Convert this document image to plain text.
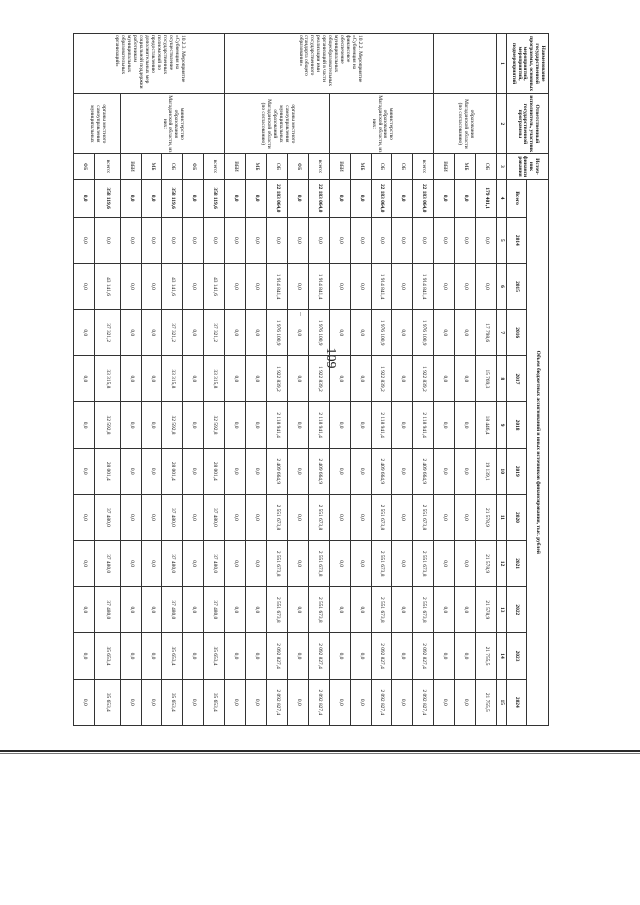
109
Наименование государственной программы, основных мероприятий, мероприятий, подмероприятий	Ответственный исполнитель, участник государственной программы	Источ- ник финанси рования	Объем бюджетных ассигнований и иных источников финансирования, тыс. рублей											
			Всего	2014	2015	2016	2017	2018	2019	2020	2021	2022	2023	2024
1	2	3	4	5	6	7	8	9	10	11	12	13	14	15
	образования Магаданской области (по согласованию)	ОБ	179 401,1	0,0	0,0	17 798,6	15 769,3	18 446,4	19 139,1	21 578,9	21 578,9	21 578,9	21 755,5	21 755,5
		МБ	0,0	0,0	0,0	0,0	0,0	0,0	0,0	0,0	0,0	0,0	0,0	0,0
		ВБИ	0,0	0,0	0,0	0,0	0,0	0,0	0,0	0,0	0,0	0,0	0,0	0,0
10.2.2. Мероприятие «Субвенция на финансовое обеспечение муниципальных общеобразовательных организаций в части реализации ими государственного стандарта общего образования»	министерство образования Магаданской области, из них:	всего:	22 183 064,0	0,0	1 914 841,4	1 976 100,9	1 922 839,2	2 118 941,4	2 409 664,9	2 551 673,8	2 551 673,8	2 551 673,8	2 092 827,4	2 092 827,4
		ОБ	0,0	0,0	0,0	0,0	0,0	0,0	0,0	0,0	0,0	0,0	0,0	0,0
		ОБ	22 183 064,0	0,0	1 914 841,4	1 976 100,9	1 922 839,2	2 118 941,4	2 409 664,9	2 551 673,8	2 551 673,8	2 551 673,8	2 092 827,4	2 092 827,4
		МБ	0,0	0,0	0,0	0,0	0,0	0,0	0,0	0,0	0,0	0,0	0,0	0,0
		ВБИ	0,0	0,0	0,0	0,0	0,0	0,0	0,0	0,0	0,0	0,0	0,0	0,0
	органы местного самоуправления муниципальных образований Магаданской области (по согласованию)	всего:	22 183 064,0	0,0	1 914 841,4	1 976 100,9	1 922 839,2	2 118 941,4	2 409 664,9	2 551 673,8	2 551 673,8	2 551 673,8	2 092 827,4	2 092 827,4
		ФБ	0,0	0,0	0,0	0,0	0,0	0,0	0,0	0,0	0,0	0,0	0,0	0,0
		ОБ	22 183 064,0	0,0	1 914 841,4	1 976 100,9	1 922 839,2	2 118 941,4	2 409 664,9	2 551 673,8	2 551 673,8	2 551 673,8	2 092 827,4	2 092 827,4
		МБ	0,0	0,0	0,0	0,0	0,0	0,0	0,0	0,0	0,0	0,0	0,0	0,0
		ВБИ	0,0	0,0	0,0	0,0	0,0	0,0	0,0	0,0	0,0	0,0	0,0	0,0
10.2.3. Мероприятие «Субвенция на осуществление государственных полномочий по предоставлению дополнительных мер социальной поддержки работникам муниципальных образовательных организаций»	министерство образования Магаданской области, из них:	всего:	358 119,6	0,0	43 141,6	37 321,2	33 315,8	32 592,8	28 001,4	37 480,0	37 480,0	37 480,0	35 653,4	35 653,4
		ФБ	0,0	0,0	0,0	0,0	0,0	0,0	0,0	0,0	0,0	0,0	0,0	0,0
		ОБ	358 119,6	0,0	43 141,6	37 321,2	33 315,8	32 592,8	28 001,4	37 480,0	37 480,0	37 480,0	35 653,4	35 653,4
		МБ	0,0	0,0	0,0	0,0	0,0	0,0	0,0	0,0	0,0	0,0	0,0	0,0
		ВБИ	0,0	0,0	0,0	0,0	0,0	0,0	0,0	0,0	0,0	0,0	0,0	0,0
	органы местного самоуправления муниципальных	всего:	358 119,6	0,0	43 141,6	37 321,2	33 315,8	32 592,8	28 001,4	37 480,0	37 480,0	37 480,0	35 653,4	35 653,4
		ФБ	0,0	0,0	0,0	0,0	0,0	0,0	0,0	0,0	0,0	0,0	0,0	0,0
